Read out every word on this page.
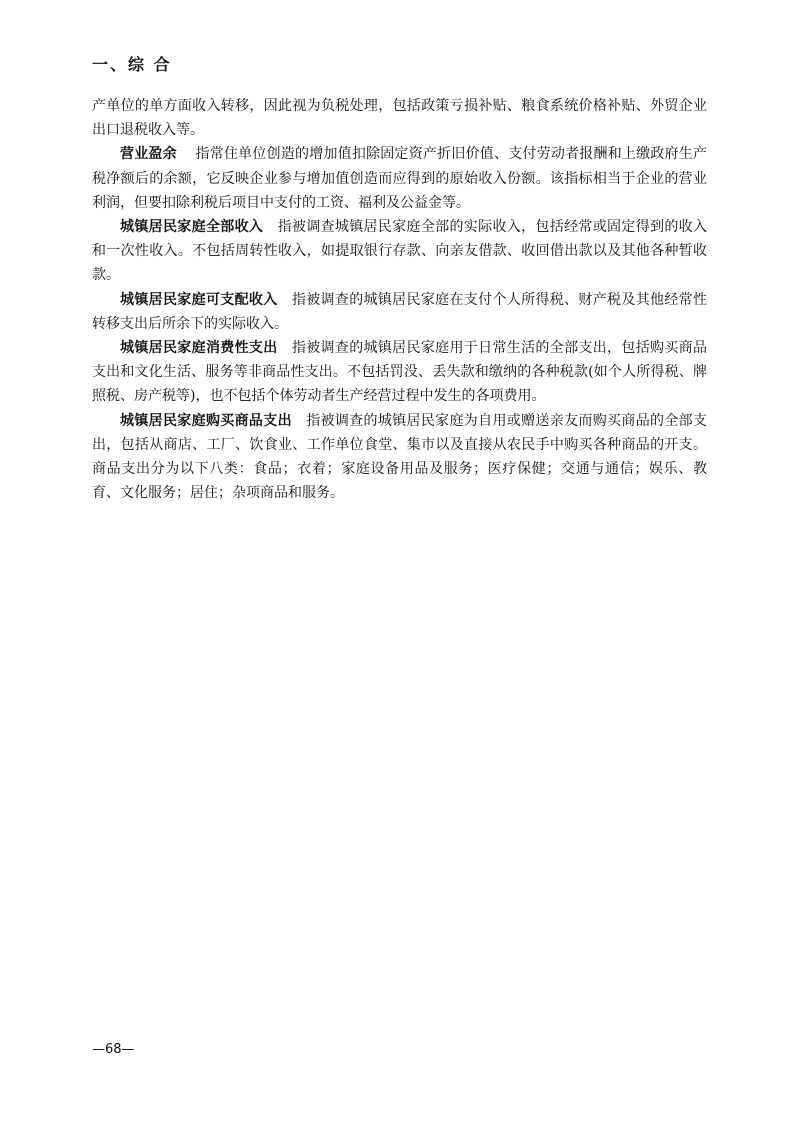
一、综 合

产单位的单方面收入转移，因此视为负税处理，包括政策亏损补贴、粮食系统价格补贴、外贸企业出口退税收入等。

营业盈余 指常住单位创造的增加值扣除固定资产折旧价值、支付劳动者报酬和上缴政府生产税净额后的余额，它反映企业参与增加值创造而应得到的原始收入份额。该指标相当于企业的营业利润，但要扣除利税后项目中支付的工资、福利及公益金等。

城镇居民家庭全部收入 指被调查城镇居民家庭全部的实际收入，包括经常或固定得到的收入和一次性收入。不包括周转性收入，如提取银行存款、向亲友借款、收回借出款以及其他各种暂收款。

城镇居民家庭可支配收入 指被调查的城镇居民家庭在支付个人所得税、财产税及其他经常性转移支出后所余下的实际收入。

城镇居民家庭消费性支出 指被调查的城镇居民家庭用于日常生活的全部支出，包括购买商品支出和文化生活、服务等非商品性支出。不包括罚没、丢失款和缴纳的各种税款(如个人所得税、牌照税、房产税等)，也不包括个体劳动者生产经营过程中发生的各项费用。

城镇居民家庭购买商品支出 指被调查的城镇居民家庭为自用或赠送亲友而购买商品的全部支出，包括从商店、工厂、饮食业、工作单位食堂、集市以及直接从农民手中购买各种商品的开支。商品支出分为以下八类：食品；衣着；家庭设备用品及服务；医疗保健；交通与通信；娱乐、教育、文化服务；居住；杂项商品和服务。

—68—
